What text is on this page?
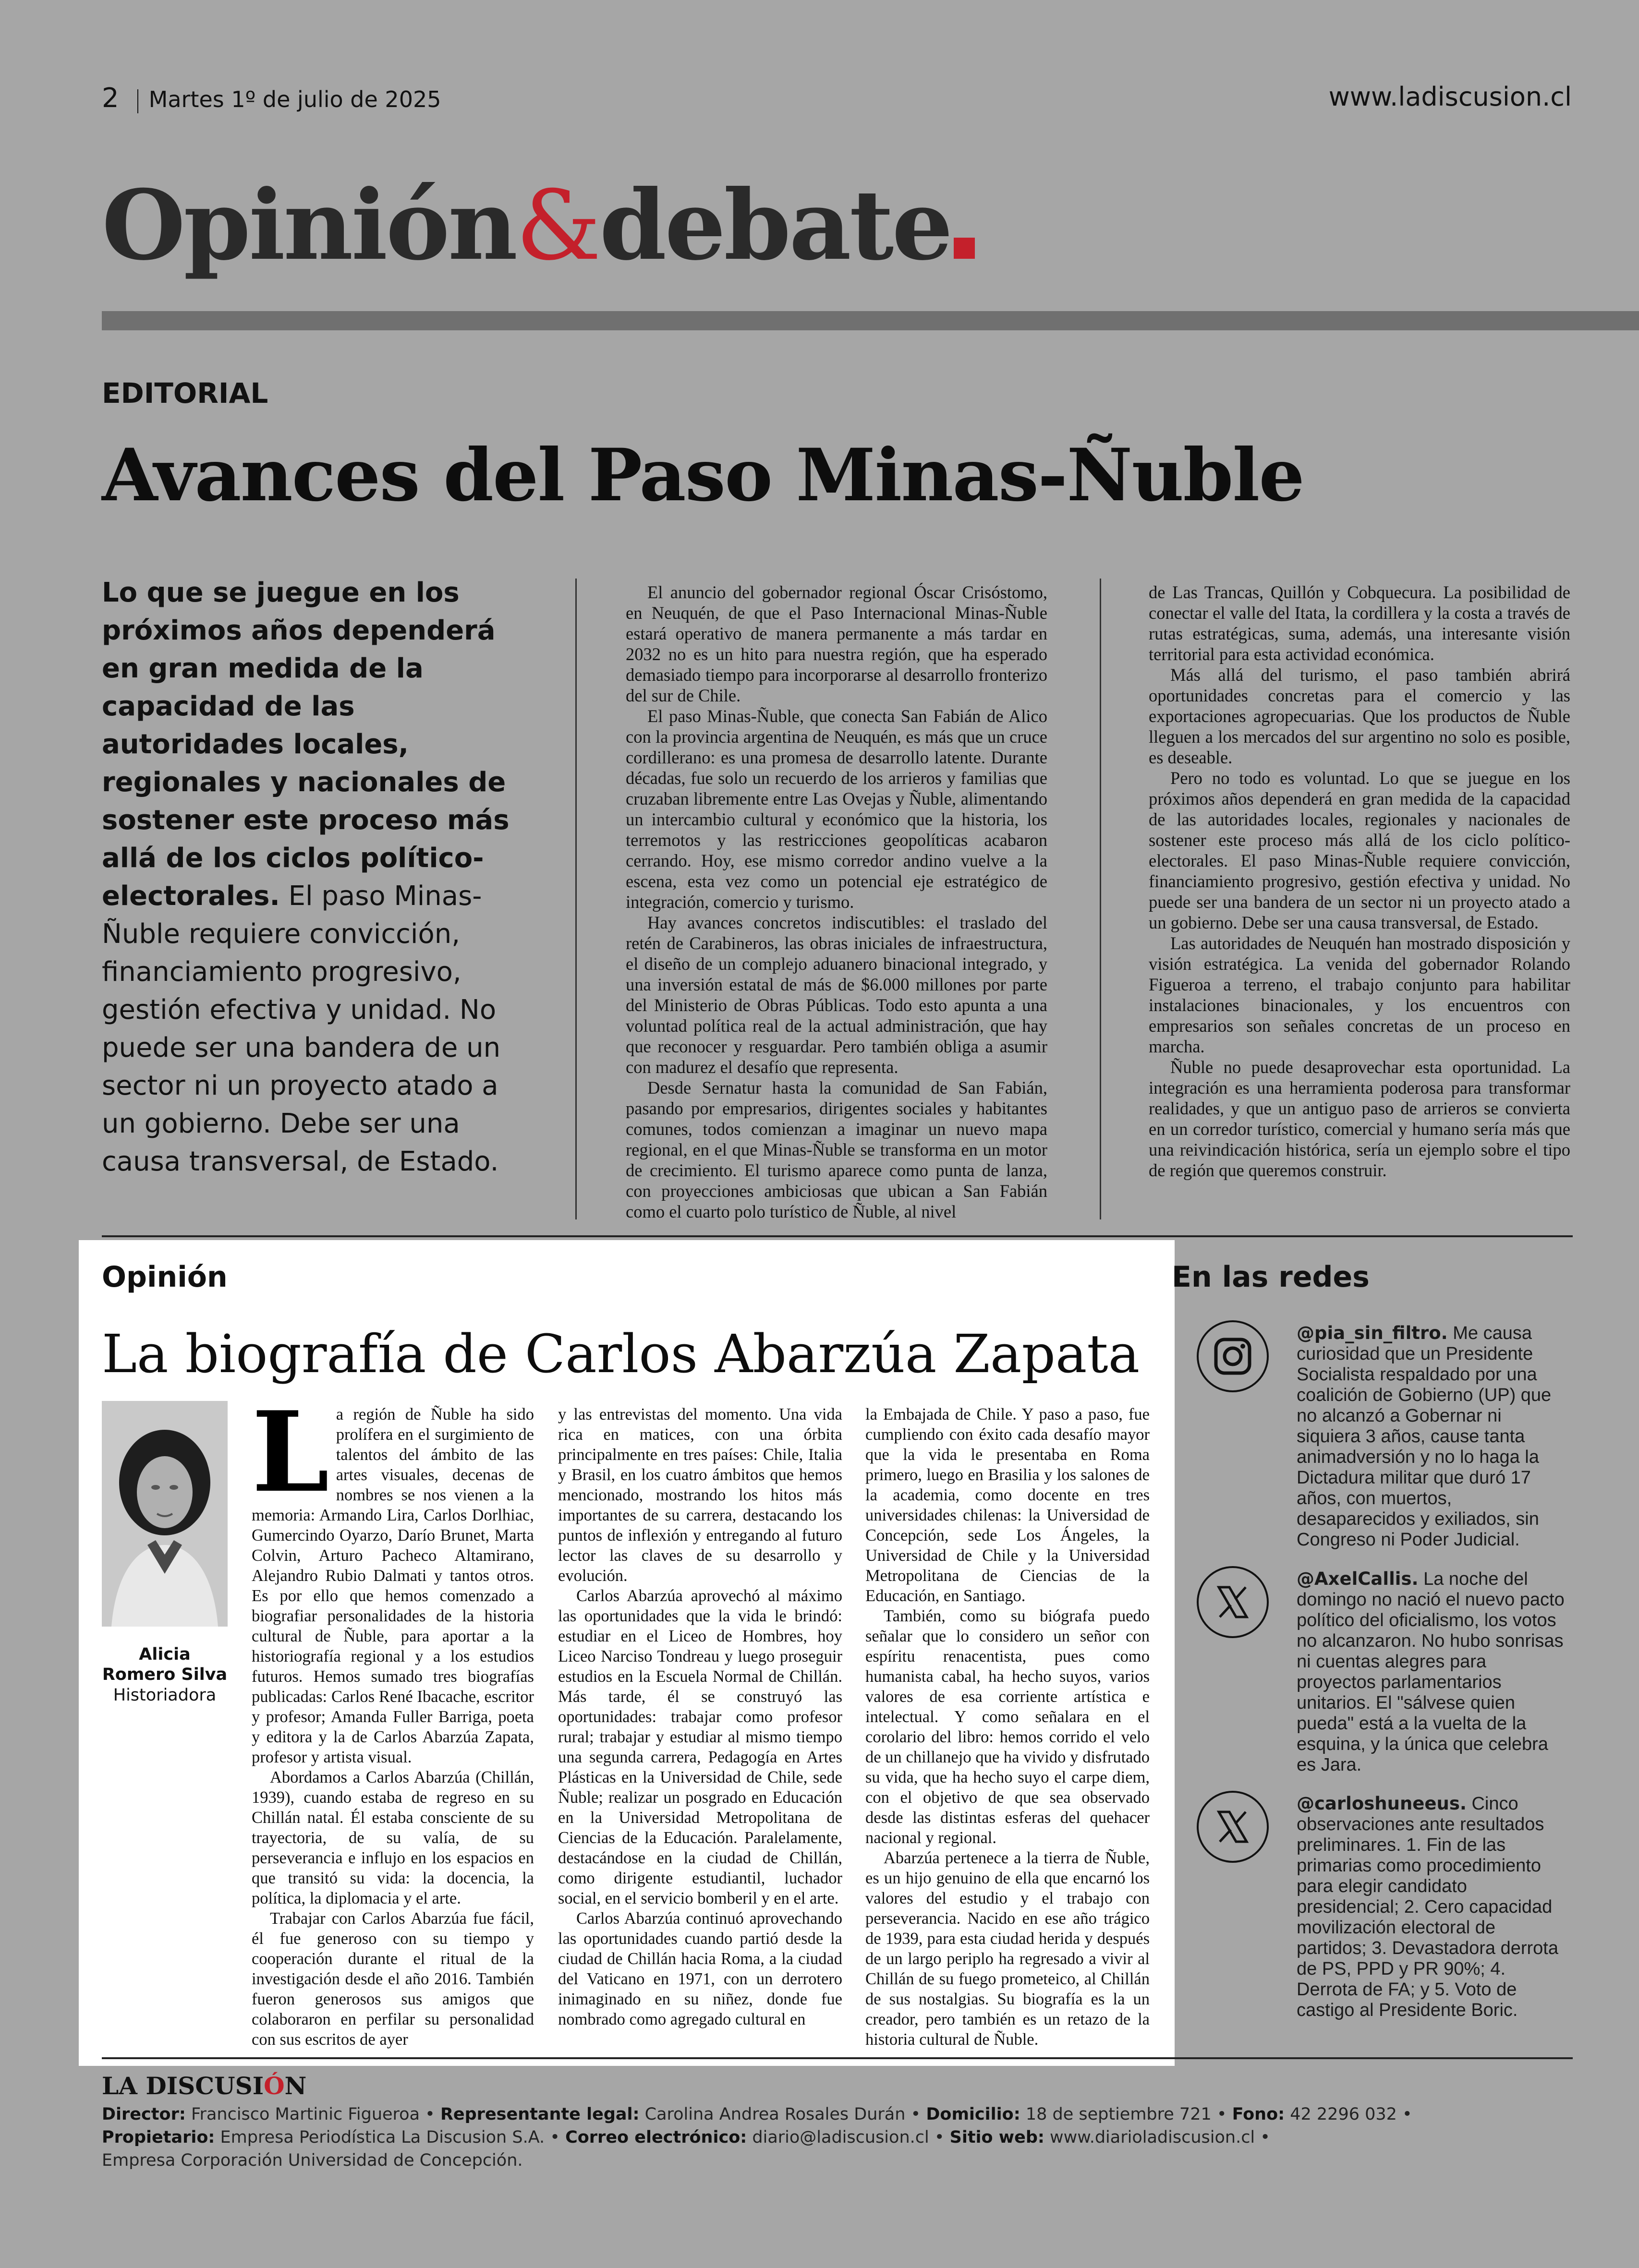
2 Martes 1º de julio de 2025	www.ladiscusion.cl
Opinión&debate
EDITORIAL
Avances del Paso Minas-Ñuble
Lo que se juegue en los próximos años dependerá en gran medida de la capacidad de las autoridades locales, regionales y nacionales de sostener este proceso más allá de los ciclos político-electorales. El paso Minas-Ñuble requiere convicción, financiamiento progresivo, gestión efectiva y unidad. No puede ser una bandera de un sector ni un proyecto atado a un gobierno. Debe ser una causa transversal, de Estado.

El anuncio del gobernador regional Óscar Crisóstomo, en Neuquén, de que el Paso Internacional Minas-Ñuble estará operativo de manera permanente a más tardar en 2032 no es un hito para nuestra región, que ha esperado demasiado tiempo para incorporarse al desarrollo fronterizo del sur de Chile.

El paso Minas-Ñuble, que conecta San Fabián de Alico con la provincia argentina de Neuquén, es más que un cruce cordillerano: es una promesa de desarrollo latente. Durante décadas, fue solo un recuerdo de los arrieros y familias que cruzaban libremente entre Las Ovejas y Ñuble, alimentando un intercambio cultural y económico que la historia, los terremotos y las restricciones geopolíticas acabaron cerrando. Hoy, ese mismo corredor andino vuelve a la escena, esta vez como un potencial eje estratégico de integración, comercio y turismo.

Hay avances concretos indiscutibles: el traslado del retén de Carabineros, las obras iniciales de infraestructura, el diseño de un complejo aduanero binacional integrado, y una inversión estatal de más de $6.000 millones por parte del Ministerio de Obras Públicas. Todo esto apunta a una voluntad política real de la actual administración, que hay que reconocer y resguardar. Pero también obliga a asumir con madurez el desafío que representa.

Desde Sernatur hasta la comunidad de San Fabián, pasando por empresarios, dirigentes sociales y habitantes comunes, todos comienzan a imaginar un nuevo mapa regional, en el que Minas-Ñuble se transforma en un motor de crecimiento. El turismo aparece como punta de lanza, con proyecciones ambiciosas que ubican a San Fabián como el cuarto polo turístico de Ñuble, al nivel

de Las Trancas, Quillón y Cobquecura. La posibilidad de conectar el valle del Itata, la cordillera y la costa a través de rutas estratégicas, suma, además, una interesante visión territorial para esta actividad económica.

Más allá del turismo, el paso también abrirá oportunidades concretas para el comercio y las exportaciones agropecuarias. Que los productos de Ñuble lleguen a los mercados del sur argentino no solo es posible, es deseable.

Pero no todo es voluntad. Lo que se juegue en los próximos años dependerá en gran medida de la capacidad de las autoridades locales, regionales y nacionales de sostener este proceso más allá de los ciclo político-electorales. El paso Minas-Ñuble requiere convicción, financiamiento progresivo, gestión efectiva y unidad. No puede ser una bandera de un sector ni un proyecto atado a un gobierno. Debe ser una causa transversal, de Estado.

Las autoridades de Neuquén han mostrado disposición y visión estratégica. La venida del gobernador Rolando Figueroa a terreno, el trabajo conjunto para habilitar instalaciones binacionales, y los encuentros con empresarios son señales concretas de un proceso en marcha.

Ñuble no puede desaprovechar esta oportunidad. La integración es una herramienta poderosa para transformar realidades, y que un antiguo paso de arrieros se convierta en un corredor turístico, comercial y humano sería más que una reivindicación histórica, sería un ejemplo sobre el tipo de región que queremos construir.

Opinión
La biografía de Carlos Abarzúa Zapata
Alicia Romero Silva
Historiadora
L a región de Ñuble ha sido prolífera en el surgimiento de talentos del ámbito de las artes visuales, decenas de nombres se nos vienen a la memoria: Armando Lira, Carlos Dorlhiac, Gumercindo Oyarzo, Darío Brunet, Marta Colvin, Arturo Pacheco Altamirano, Alejandro Rubio Dalmati y tantos otros. Es por ello que hemos comenzado a biografiar personalidades de la historia cultural de Ñuble, para aportar a la historiografía regional y a los estudios futuros. Hemos sumado tres biografías publicadas: Carlos René Ibacache, escritor y profesor; Amanda Fuller Barriga, poeta y editora y la de Carlos Abarzúa Zapata, profesor y artista visual.

Abordamos a Carlos Abarzúa (Chillán, 1939), cuando estaba de regreso en su Chillán natal. Él estaba consciente de su trayectoria, de su valía, de su perseverancia e influjo en los espacios en que transitó su vida: la docencia, la política, la diplomacia y el arte.

Trabajar con Carlos Abarzúa fue fácil, él fue generoso con su tiempo y cooperación durante el ritual de la investigación desde el año 2016. También fueron generosos sus amigos que colaboraron en perfilar su personalidad con sus escritos de ayer

y las entrevistas del momento. Una vida rica en matices, con una órbita principalmente en tres países: Chile, Italia y Brasil, en los cuatro ámbitos que hemos mencionado, mostrando los hitos más importantes de su carrera, destacando los puntos de inflexión y entregando al futuro lector las claves de su desarrollo y evolución.

Carlos Abarzúa aprovechó al máximo las oportunidades que la vida le brindó: estudiar en el Liceo de Hombres, hoy Liceo Narciso Tondreau y luego proseguir estudios en la Escuela Normal de Chillán. Más tarde, él se construyó las oportunidades: trabajar como profesor rural; trabajar y estudiar al mismo tiempo una segunda carrera, Pedagogía en Artes Plásticas en la Universidad de Chile, sede Ñuble; realizar un posgrado en Educación en la Universidad Metropolitana de Ciencias de la Educación. Paralelamente, destacándose en la ciudad de Chillán, como dirigente estudiantil, luchador social, en el servicio bomberil y en el arte.

Carlos Abarzúa continuó aprovechando las oportunidades cuando partió desde la ciudad de Chillán hacia Roma, a la ciudad del Vaticano en 1971, con un derrotero inimaginado en su niñez, donde fue nombrado como agregado cultural en

la Embajada de Chile. Y paso a paso, fue cumpliendo con éxito cada desafío mayor que la vida le presentaba en Roma primero, luego en Brasilia y los salones de la academia, como docente en tres universidades chilenas: la Universidad de Concepción, sede Los Ángeles, la Universidad de Chile y la Universidad Metropolitana de Ciencias de la Educación, en Santiago.

También, como su biógrafa puedo señalar que lo considero un señor con espíritu renacentista, pues como humanista cabal, ha hecho suyos, varios valores de esa corriente artística e intelectual. Y como señalara en el corolario del libro: hemos corrido el velo de un chillanejo que ha vivido y disfrutado su vida, que ha hecho suyo el carpe diem, con el objetivo de que sea observado desde las distintas esferas del quehacer nacional y regional.

Abarzúa pertenece a la tierra de Ñuble, es un hijo genuino de ella que encarnó los valores del estudio y el trabajo con perseverancia. Nacido en ese año trágico de 1939, para esta ciudad herida y después de un largo periplo ha regresado a vivir al Chillán de su fuego prometeico, al Chillán de sus nostalgias. Su biografía es la un creador, pero también es un retazo de la historia cultural de Ñuble.

En las redes
@pia_sin_filtro. Me causa curiosidad que un Presidente Socialista respaldado por una coalición de Gobierno (UP) que no alcanzó a Gobernar ni siquiera 3 años, cause tanta animadversión y no lo haga la Dictadura militar que duró 17 años, con muertos, desaparecidos y exiliados, sin Congreso ni Poder Judicial.
@AxelCallis. La noche del domingo no nació el nuevo pacto político del oficialismo, los votos no alcanzaron. No hubo sonrisas ni cuentas alegres para proyectos parlamentarios unitarios. El "sálvese quien pueda" está a la vuelta de la esquina, y la única que celebra es Jara.
@carloshuneeus. Cinco observaciones ante resultados preliminares. 1. Fin de las primarias como procedimiento para elegir candidato presidencial; 2. Cero capacidad movilización electoral de partidos; 3. Devastadora derrota de PS, PPD y PR 90%; 4. Derrota de FA; y 5. Voto de castigo al Presidente Boric.
LA DISCUSIÓN
Director: Francisco Martinic Figueroa • Representante legal: Carolina Andrea Rosales Durán • Domicilio: 18 de septiembre 721 • Fono: 42 2296 032 •
Propietario: Empresa Periodística La Discusion S.A. • Correo electrónico: diario@ladiscusion.cl • Sitio web: www.diarioladiscusion.cl •
Empresa Corporación Universidad de Concepción.
